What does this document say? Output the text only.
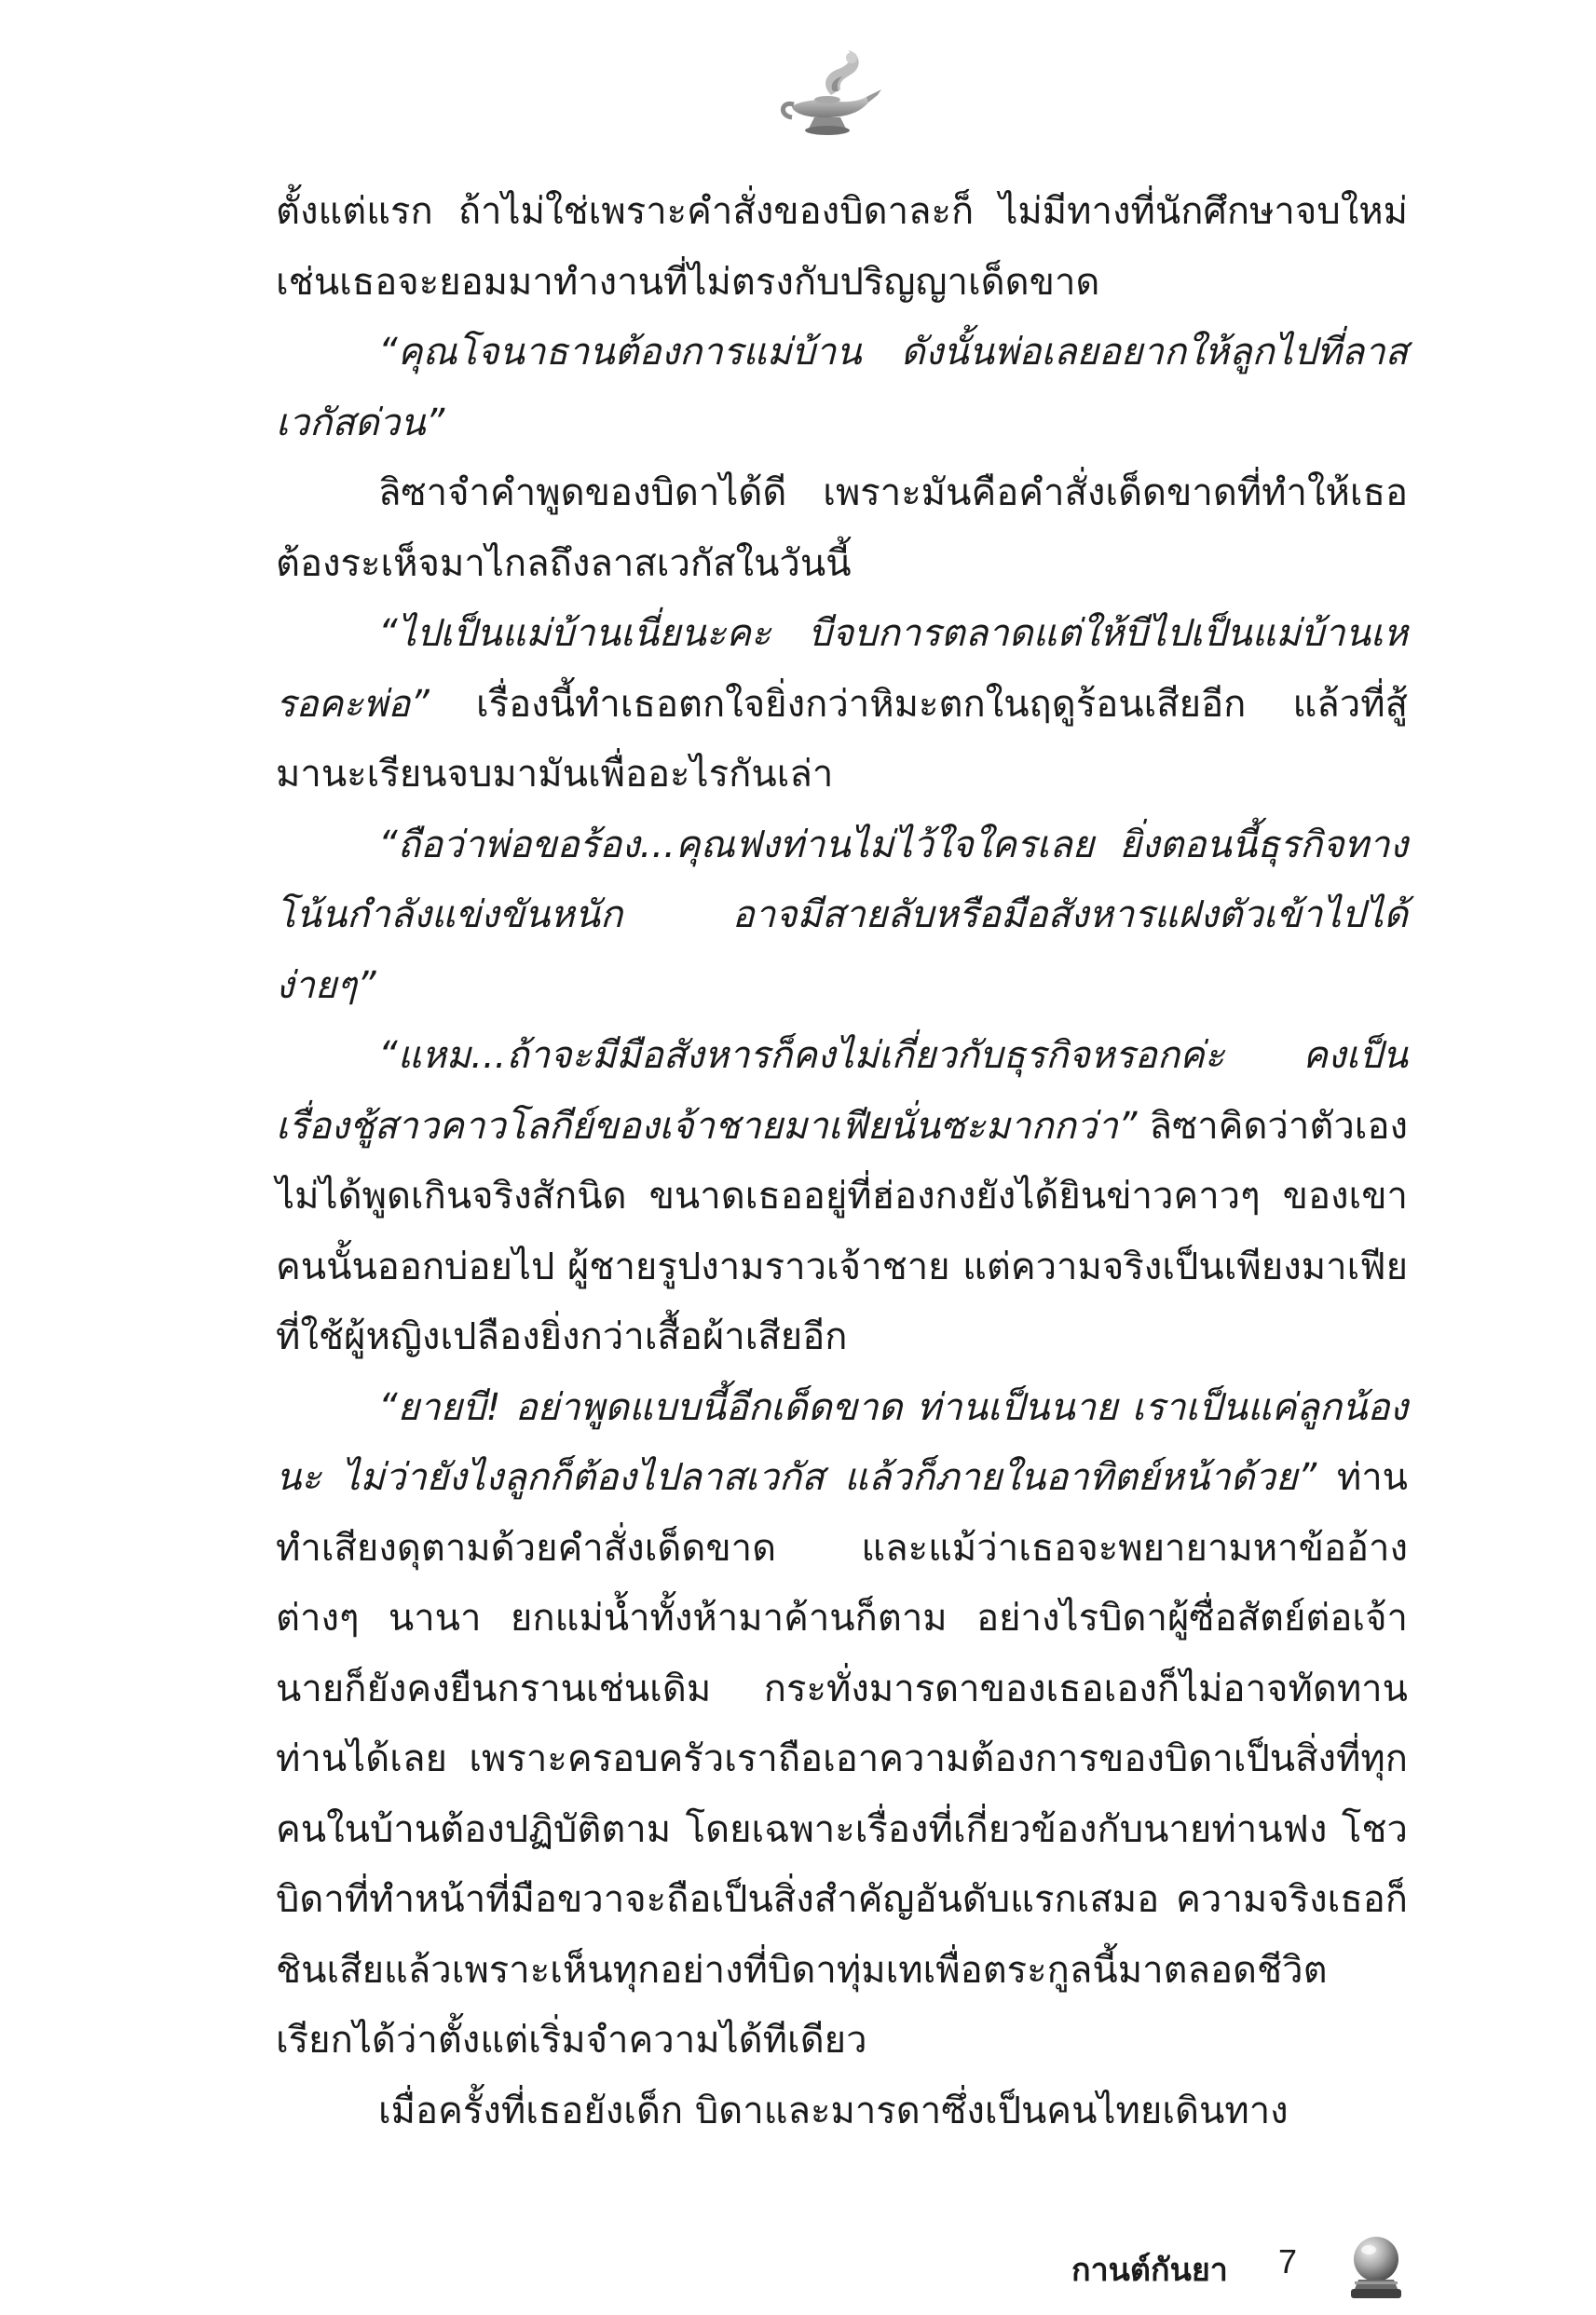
ตั้งแต่แรก ถ้าไม่ใช่เพราะคำสั่งของบิดาละก็ ไม่มีทางที่นักศึกษาจบใหม่เช่นเธอจะยอมมาทำงานที่ไม่ตรงกับปริญญาเด็ดขาด

“คุณโจนาธานต้องการแม่บ้าน ดังนั้นพ่อเลยอยากให้ลูกไปที่ลาสเวกัสด่วน”

ลิซาจำคำพูดของบิดาได้ดี เพราะมันคือคำสั่งเด็ดขาดที่ทำให้เธอต้องระเห็จมาไกลถึงลาสเวกัสในวันนี้

“ไปเป็นแม่บ้านเนี่ยนะคะ บีจบการตลาดแต่ให้บีไปเป็นแม่บ้านเหรอคะพ่อ” เรื่องนี้ทำเธอตกใจยิ่งกว่าหิมะตกในฤดูร้อนเสียอีก แล้วที่สู้มานะเรียนจบมามันเพื่ออะไรกันเล่า

“ถือว่าพ่อขอร้อง...คุณฟงท่านไม่ไว้ใจใครเลย ยิ่งตอนนี้ธุรกิจทางโน้นกำลังแข่งขันหนัก อาจมีสายลับหรือมือสังหารแฝงตัวเข้าไปได้ง่ายๆ”

“แหม...ถ้าจะมีมือสังหารก็คงไม่เกี่ยวกับธุรกิจหรอกค่ะ คงเป็นเรื่องชู้สาวคาวโลกีย์ของเจ้าชายมาเฟียนั่นซะมากกว่า” ลิซาคิดว่าตัวเองไม่ได้พูดเกินจริงสักนิด ขนาดเธออยู่ที่ฮ่องกงยังได้ยินข่าวคาวๆ ของเขาคนนั้นออกบ่อยไป ผู้ชายรูปงามราวเจ้าชาย แต่ความจริงเป็นเพียงมาเฟียที่ใช้ผู้หญิงเปลืองยิ่งกว่าเสื้อผ้าเสียอีก

“ยายบี! อย่าพูดแบบนี้อีกเด็ดขาด ท่านเป็นนาย เราเป็นแค่ลูกน้องนะ ไม่ว่ายังไงลูกก็ต้องไปลาสเวกัส แล้วก็ภายในอาทิตย์หน้าด้วย” ท่านทำเสียงดุตามด้วยคำสั่งเด็ดขาด และแม้ว่าเธอจะพยายามหาข้ออ้างต่างๆ นานา ยกแม่น้ำทั้งห้ามาค้านก็ตาม อย่างไรบิดาผู้ซื่อสัตย์ต่อเจ้านายก็ยังคงยืนกรานเช่นเดิม กระทั่งมารดาของเธอเองก็ไม่อาจทัดทานท่านได้เลย เพราะครอบครัวเราถือเอาความต้องการของบิดาเป็นสิ่งที่ทุกคนในบ้านต้องปฏิบัติตาม โดยเฉพาะเรื่องที่เกี่ยวข้องกับนายท่านฟง โชว บิดาที่ทำหน้าที่มือขวาจะถือเป็นสิ่งสำคัญอันดับแรกเสมอ ความจริงเธอก็ชินเสียแล้วเพราะเห็นทุกอย่างที่บิดาทุ่มเทเพื่อตระกูลนี้มาตลอดชีวิต เรียกได้ว่าตั้งแต่เริ่มจำความได้ทีเดียว

เมื่อครั้งที่เธอยังเด็ก บิดาและมารดาซึ่งเป็นคนไทยเดินทาง

กานต์กันยา 7
